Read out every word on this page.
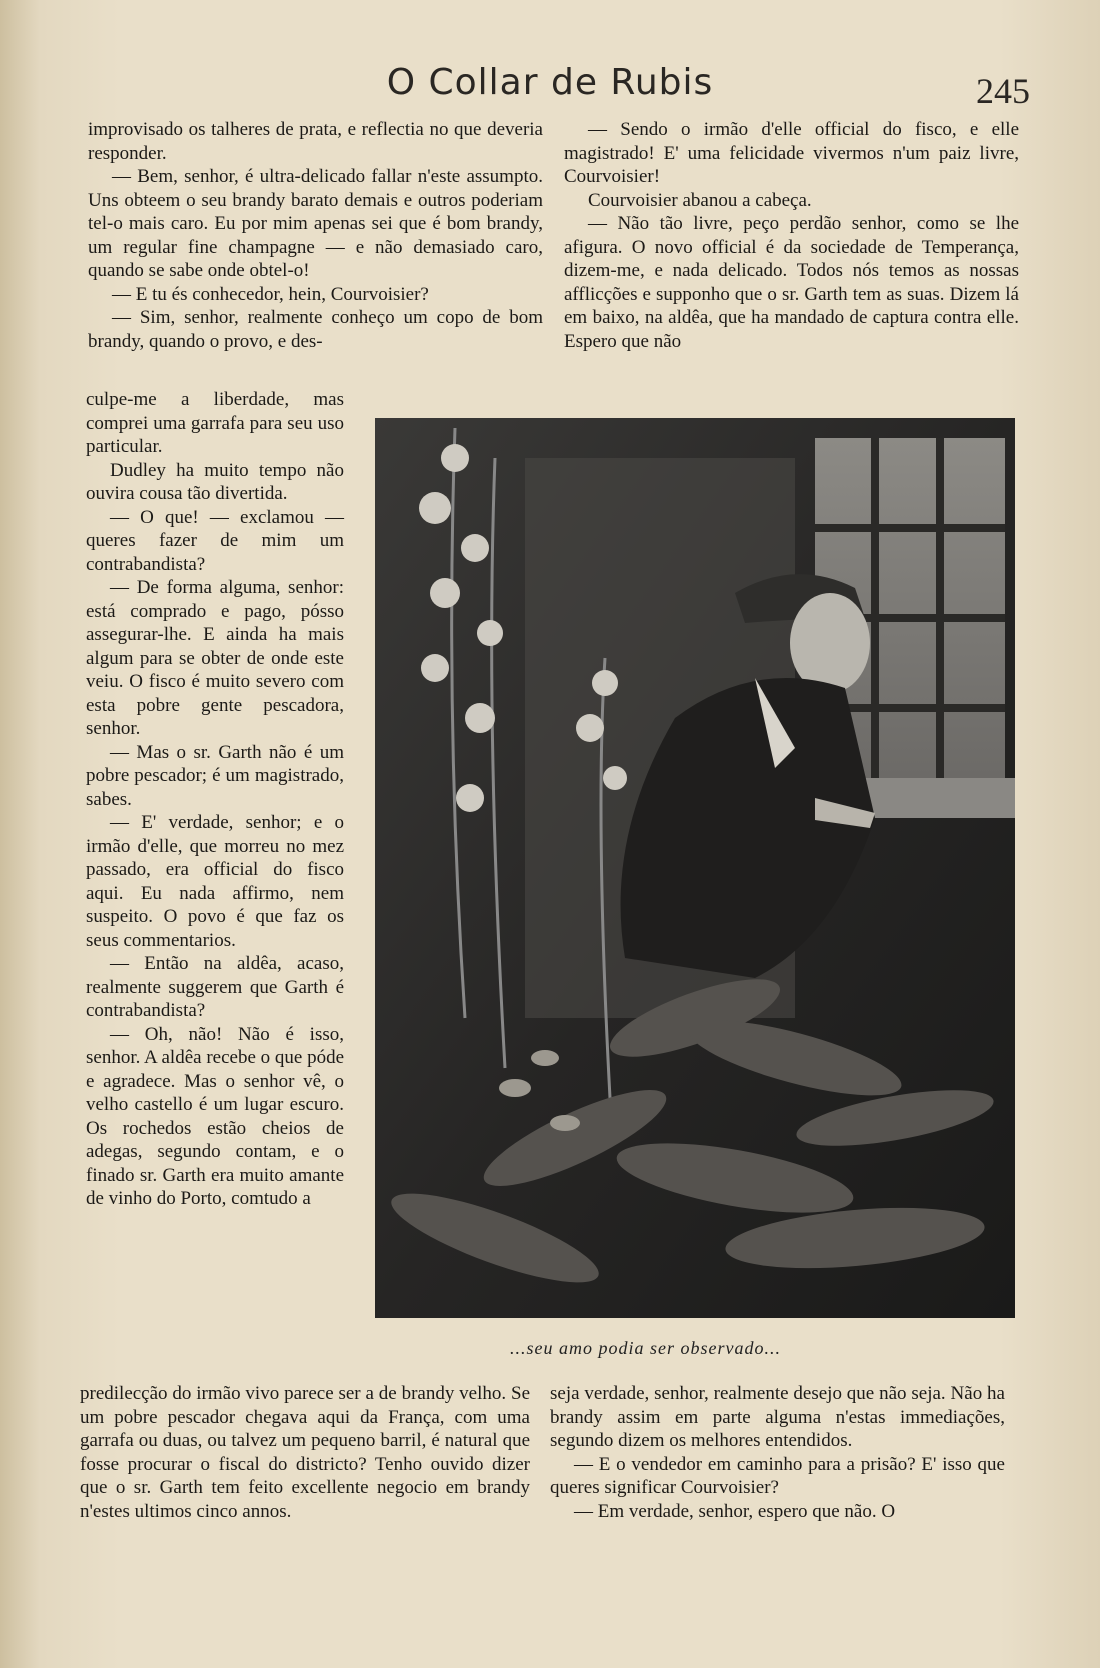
O Collar de Rubis	245

improvisado os talheres de prata, e reflectia no que deveria responder.

— Bem, senhor, é ultra-delicado fallar n'este assumpto. Uns obteem o seu brandy barato demais e outros poderiam tel-o mais caro. Eu por mim apenas sei que é bom brandy, um regular fine champagne — e não demasiado caro, quando se sabe onde obtel-o!

— E tu és conhecedor, hein, Courvoisier?

— Sim, senhor, realmente conheço um copo de bom brandy, quando o provo, e des-

culpe-me a liberdade, mas comprei uma garrafa para seu uso particular.

Dudley ha muito tempo não ouvira cousa tão divertida.

— O que! — exclamou — queres fazer de mim um contrabandista?

— De forma alguma, senhor: está comprado e pago, pósso assegurar-lhe. E ainda ha mais algum para se obter de onde este veiu. O fisco é muito severo com esta pobre gente pescadora, senhor.

— Mas o sr. Garth não é um pobre pescador; é um magistrado, sabes.

— E' verdade, senhor; e o irmão d'elle, que morreu no mez passado, era official do fisco aqui. Eu nada affirmo, nem suspeito. O povo é que faz os seus commentarios.

— Então na aldêa, acaso, realmente suggerem que Garth é contrabandista?

— Oh, não! Não é isso, senhor. A aldêa recebe o que póde e agradece. Mas o senhor vê, o velho castello é um lugar escuro. Os rochedos estão cheios de adegas, segundo contam, e o finado sr. Garth era muito amante de vinho do Porto, comtudo a

— Sendo o irmão d'elle official do fisco, e elle magistrado! E' uma felicidade vivermos n'um paiz livre, Courvoisier!

Courvoisier abanou a cabeça.

— Não tão livre, peço perdão senhor, como se lhe afigura. O novo official é da sociedade de Temperança, dizem-me, e nada delicado. Todos nós temos as nossas afflicções e supponho que o sr. Garth tem as suas. Dizem lá em baixo, na aldêa, que ha mandado de captura contra elle. Espero que não

...seu amo podia ser observado...

predilecção do irmão vivo parece ser a de brandy velho. Se um pobre pescador chegava aqui da França, com uma garrafa ou duas, ou talvez um pequeno barril, é natural que fosse procurar o fiscal do districto? Tenho ouvido dizer que o sr. Garth tem feito excellente negocio em brandy n'estes ultimos cinco annos.

seja verdade, senhor, realmente desejo que não seja. Não ha brandy assim em parte alguma n'estas immediações, segundo dizem os melhores entendidos.

— E o vendedor em caminho para a prisão? E' isso que queres significar Courvoisier?

— Em verdade, senhor, espero que não. O
